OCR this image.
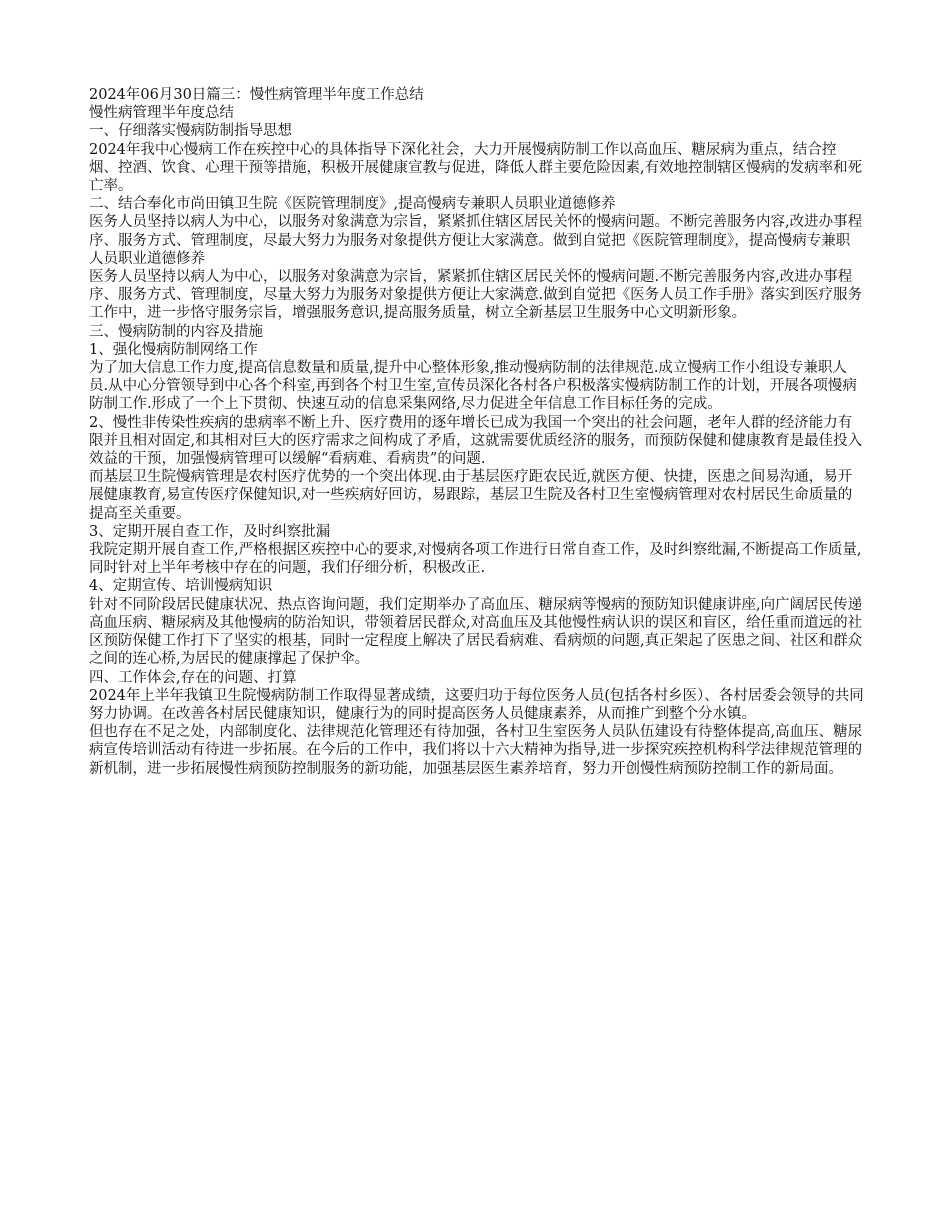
2024年06月30日篇三：慢性病管理半年度工作总结

慢性病管理半年度总结

一、仔细落实慢病防制指导思想

2024年我中心慢病工作在疾控中心的具体指导下深化社会，大力开展慢病防制工作以高血压、糖尿病为重点，结合控烟、控酒、饮食、心理干预等措施，积极开展健康宣教与促进，降低人群主要危险因素,有效地控制辖区慢病的发病率和死亡率。

二、结合奉化市尚田镇卫生院《医院管理制度》,提高慢病专兼职人员职业道德修养

医务人员坚持以病人为中心，以服务对象满意为宗旨，紧紧抓住辖区居民关怀的慢病问题。不断完善服务内容,改进办事程序、服务方式、管理制度，尽最大努力为服务对象提供方便让大家满意。做到自觉把《医院管理制度》，提高慢病专兼职人员职业道德修养

医务人员坚持以病人为中心，以服务对象满意为宗旨，紧紧抓住辖区居民关怀的慢病问题.不断完善服务内容,改进办事程序、服务方式、管理制度，尽量大努力为服务对象提供方便让大家满意.做到自觉把《医务人员工作手册》落实到医疗服务工作中，进一步恪守服务宗旨，增强服务意识,提高服务质量，树立全新基层卫生服务中心文明新形象。

三、慢病防制的内容及措施

1、强化慢病防制网络工作

为了加大信息工作力度,提高信息数量和质量,提升中心整体形象,推动慢病防制的法律规范.成立慢病工作小组设专兼职人员.从中心分管领导到中心各个科室,再到各个村卫生室,宣传员深化各村各户积极落实慢病防制工作的计划，开展各项慢病防制工作.形成了一个上下贯彻、快速互动的信息采集网络,尽力促进全年信息工作目标任务的完成。

2、慢性非传染性疾病的患病率不断上升、医疗费用的逐年增长已成为我国一个突出的社会问题，老年人群的经济能力有限并且相对固定,和其相对巨大的医疗需求之间构成了矛盾，这就需要优质经济的服务，而预防保健和健康教育是最佳投入效益的干预，加强慢病管理可以缓解“看病难、看病贵”的问题.

而基层卫生院慢病管理是农村医疗优势的一个突出体现.由于基层医疗距农民近,就医方便、快捷，医患之间易沟通，易开展健康教育,易宣传医疗保健知识,对一些疾病好回访，易跟踪，基层卫生院及各村卫生室慢病管理对农村居民生命质量的提高至关重要。

3、定期开展自查工作，及时纠察批漏

我院定期开展自查工作,严格根据区疾控中心的要求,对慢病各项工作进行日常自查工作，及时纠察纰漏,不断提高工作质量,同时针对上半年考核中存在的问题，我们仔细分析，积极改正.

4、定期宣传、培训慢病知识

针对不同阶段居民健康状况、热点咨询问题，我们定期举办了高血压、糖尿病等慢病的预防知识健康讲座,向广阔居民传递高血压病、糖尿病及其他慢病的防治知识，带领着居民群众,对高血压及其他慢性病认识的误区和盲区，给任重而道远的社区预防保健工作打下了坚实的根基，同时一定程度上解决了居民看病难、看病烦的问题,真正架起了医患之间、社区和群众之间的连心桥,为居民的健康撑起了保护伞。

四、工作体会,存在的问题、打算

2024年上半年我镇卫生院慢病防制工作取得显著成绩，这要归功于每位医务人员(包括各村乡医）、各村居委会领导的共同努力协调。在改善各村居民健康知识，健康行为的同时提高医务人员健康素养，从而推广到整个分水镇。

但也存在不足之处，内部制度化、法律规范化管理还有待加强，各村卫生室医务人员队伍建设有待整体提高,高血压、糖尿病宣传培训活动有待进一步拓展。在今后的工作中，我们将以十六大精神为指导,进一步探究疾控机构科学法律规范管理的新机制，进一步拓展慢性病预防控制服务的新功能，加强基层医生素养培育，努力开创慢性病预防控制工作的新局面。
